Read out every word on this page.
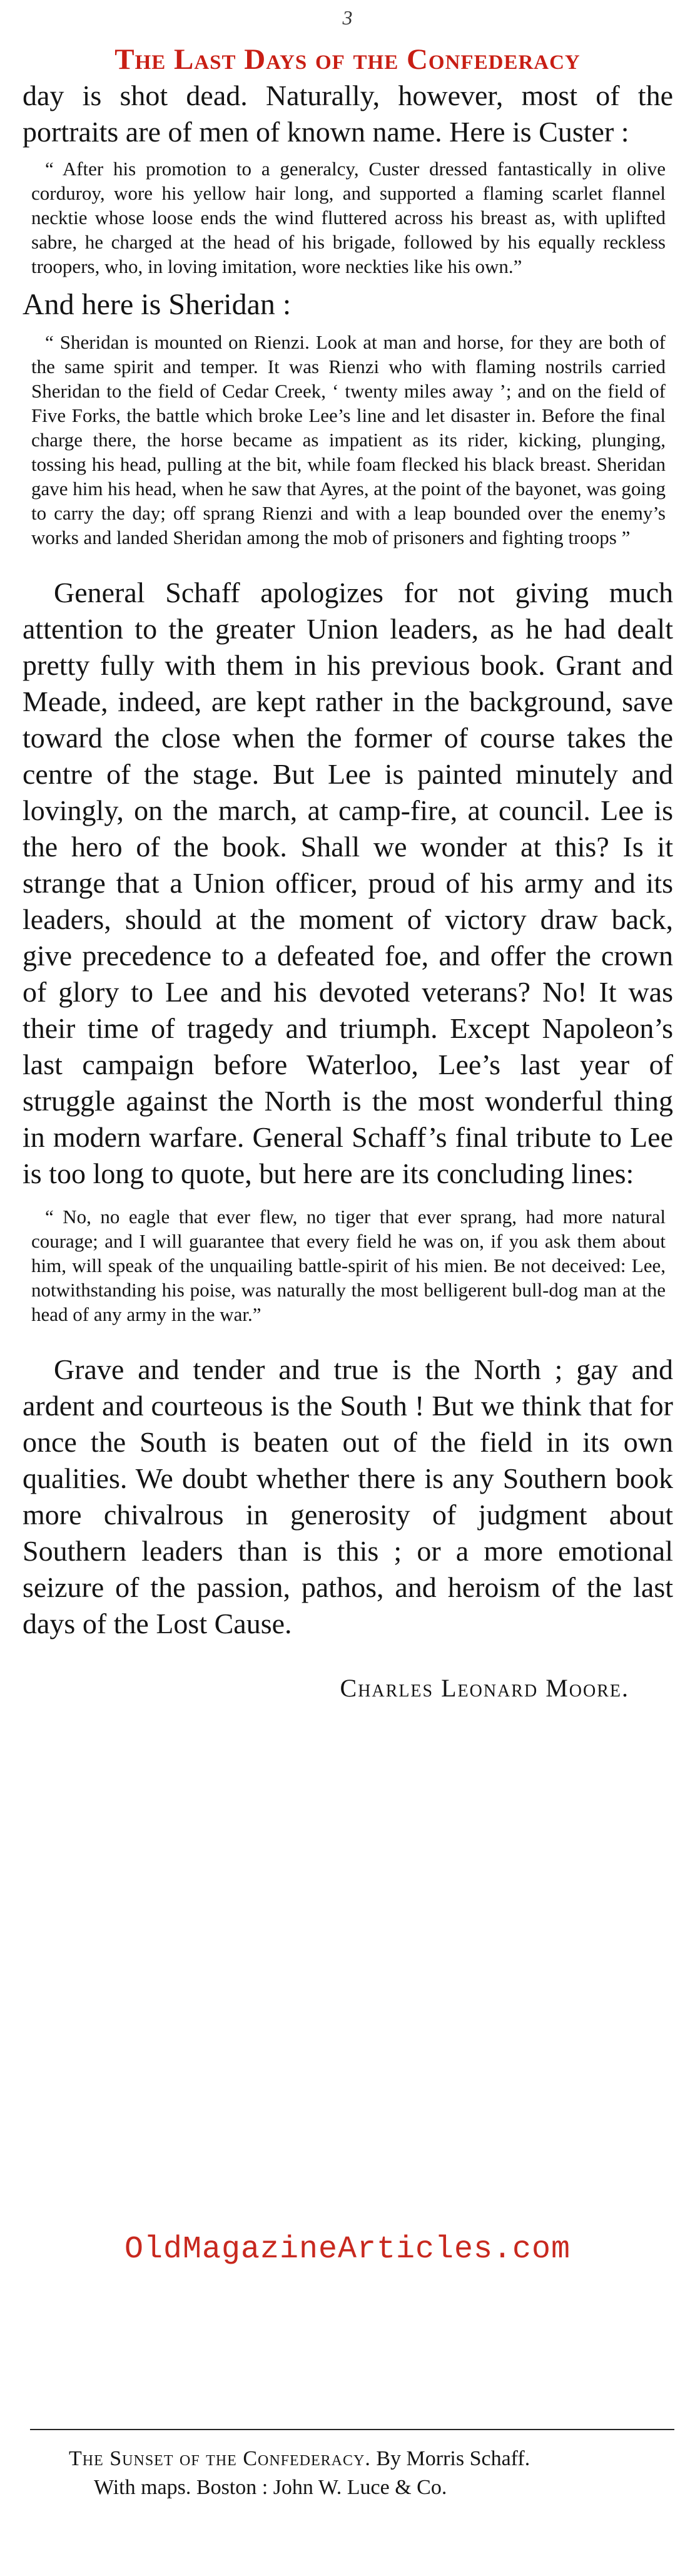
3
The Last Days of the Confederacy

day is shot dead. Naturally, however, most of the portraits are of men of known name. Here is Custer :

“ After his promotion to a generalcy, Custer dressed fantastically in olive corduroy, wore his yellow hair long, and supported a flaming scarlet flannel necktie whose loose ends the wind fluttered across his breast as, with uplifted sabre, he charged at the head of his brigade, followed by his equally reckless troopers, who, in loving imitation, wore neckties like his own.”

And here is Sheridan :

“ Sheridan is mounted on Rienzi. Look at man and horse, for they are both of the same spirit and temper. It was Rienzi who with flaming nostrils carried Sheridan to the field of Cedar Creek, ‘ twenty miles away ’; and on the field of Five Forks, the battle which broke Lee’s line and let disaster in. Before the final charge there, the horse became as impatient as its rider, kicking, plunging, tossing his head, pulling at the bit, while foam flecked his black breast. Sheridan gave him his head, when he saw that Ayres, at the point of the bayonet, was going to carry the day; off sprang Rienzi and with a leap bounded over the enemy’s works and landed Sheridan among the mob of prisoners and fighting troops ”

General Schaff apologizes for not giving much attention to the greater Union leaders, as he had dealt pretty fully with them in his previous book. Grant and Meade, indeed, are kept rather in the background, save toward the close when the former of course takes the centre of the stage. But Lee is painted minutely and lovingly, on the march, at camp-fire, at council. Lee is the hero of the book. Shall we wonder at this? Is it strange that a Union officer, proud of his army and its leaders, should at the moment of victory draw back, give precedence to a defeated foe, and offer the crown of glory to Lee and his devoted veterans? No! It was their time of tragedy and triumph. Except Napoleon’s last campaign before Waterloo, Lee’s last year of struggle against the North is the most wonderful thing in modern warfare. General Schaff’s final tribute to Lee is too long to quote, but here are its concluding lines:

“ No, no eagle that ever flew, no tiger that ever sprang, had more natural courage; and I will guarantee that every field he was on, if you ask them about him, will speak of the unquailing battle-spirit of his mien. Be not deceived: Lee, notwithstanding his poise, was naturally the most belligerent bull-dog man at the head of any army in the war.”

Grave and tender and true is the North ; gay and ardent and courteous is the South ! But we think that for once the South is beaten out of the field in its own qualities. We doubt whether there is any Southern book more chivalrous in generosity of judgment about Southern leaders than is this ; or a more emotional seizure of the passion, pathos, and heroism of the last days of the Lost Cause.

Charles Leonard Moore.

OldMagazineArticles.com
The Sunset of the Confederacy. By Morris Schaff.
With maps. Boston : John W. Luce & Co.
